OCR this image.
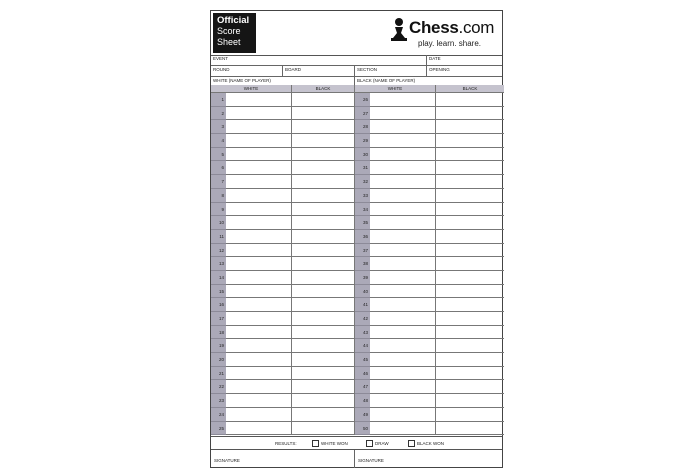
Official
Score
Sheet
Chess.com
play. learn. share.
EVENT	DATE
ROUND	BOARD	SECTION	OPENING
WHITE (NAME OF PLAYER)	BLACK (NAME OF PLAYER)
WHITE	BLACK	WHITE	BLACK
1	26
2	27
3	28
4	29
5	30
6	31
7	32
8	33
9	34
10	35
11	36
12	37
13	38
14	39
15	40
16	41
17	42
18	43
19	44
20	45
21	46
22	47
23	48
24	49
25	50
RESULTS:	WHITE WON	DRAW	BLACK WON
SIGNATURE	SIGNATURE
